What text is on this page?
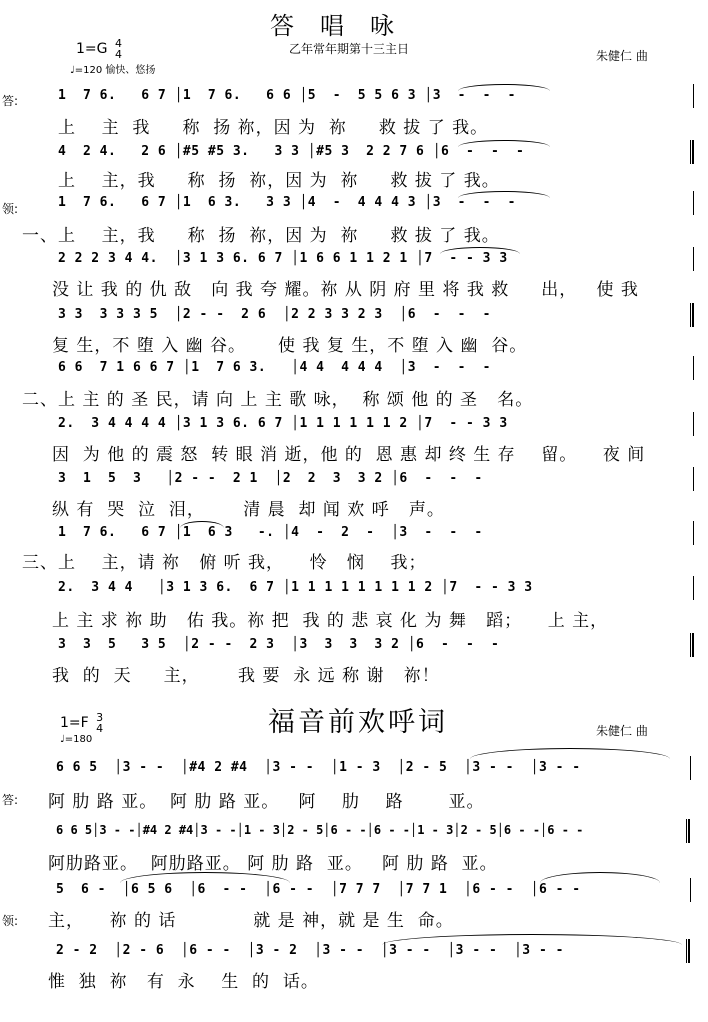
答唱咏
1=G 4
4
♩=120 愉快、悠扬
乙年常年期第十三主日	朱健仁 曲
答:	1  7 6.   6 7 │1  7 6.   6 6 │5  -  5 5 6 3 │3  -  -  -
上    主  我     称  扬 祢，因 为  祢     救 拔 了 我。
4  2 4.   2 6 │#5 #5 3.   3 3 │#5 3  2 2 7 6 │6  -  -  -
上    主，我     称  扬  祢，因 为  祢     救 拔 了 我。
领:	1  7 6.   6 7 │1  6 3.   3 3 │4  -  4 4 4 3 │3  -  -  -
一、上    主，我     称  扬  祢，因 为  祢     救 拔 了 我。
2 2 2 3 4 4.  │3 1 3 6. 6 7 │1 6 6 1 1 2 1 │7  - - 3 3
没 让 我 的 仇 敌   向 我 夸 耀。祢 从 阴 府 里 将 我 救     出，   使 我
3 3  3 3 3 5  │2 - -  2 6  │2 2 3 3 2 3  │6  -  -  -
复 生，不 堕 入 幽 谷。     使 我 复 生，不 堕 入 幽  谷。
6 6  7 1 6 6 7 │1  7 6 3.   │4 4  4 4 4  │3  -  -  -
二、上 主 的 圣 民，请 向 上 主 歌 咏，  称 颂 他 的 圣   名。
2.  3 4 4 4 4 │3 1 3 6. 6 7 │1 1 1 1 1 1 2 │7  - - 3 3
因  为 他 的 震 怒  转 眼 消 逝，他 的  恩 惠 却 终 生 存    留。    夜 间
3  1  5  3   │2 - -  2 1  │2  2  3  3 2 │6  -  -  -
纵 有  哭  泣  泪，      清 晨  却 闻 欢 呼   声。
1  7 6.   6 7 │1  6 3   -. │4  -  2  -  │3  -  -  -
三、上    主，请 祢   俯 听 我，    怜   悯    我；
2.  3 4 4   │3 1 3 6.  6 7 │1 1 1 1 1 1 1 1 2 │7  - - 3 3
上 主 求 祢 助   佑 我。祢 把  我 的 悲 哀 化 为 舞   蹈；    上 主，
3  3  5   3 5  │2 - -  2 3  │3  3  3  3 2 │6  -  -  -
我  的  天     主，      我 要  永 远 称 谢   祢！
福音前欢呼词
1=F 3
4
♩=180
朱健仁 曲
答:
6 6 5  │3 - -  │#4 2 #4  │3 - -  │1 - 3  │2 - 5  │3 - -  │3 - -
阿 肋 路 亚。  阿 肋 路 亚。   阿    肋    路       亚。
6 6 5│3 - -│#4 2 #4│3 - -│1 - 3│2 - 5│6 - -│6 - -│1 - 3│2 - 5│6 - -│6 - -
阿肋路亚。  阿肋路亚。 阿 肋 路  亚。   阿 肋 路  亚。
领:
5  6 -  │6 5 6  │6  - -  │6 - -  │7 7 7  │7 7 1  │6 - -  │6 - -
主，    祢 的 话            就 是 神，就 是 生  命。
2 - 2  │2 - 6  │6 - -  │3 - 2  │3 - -  │3 - -  │3 - -  │3 - -
惟  独  祢   有  永    生  的  话。
